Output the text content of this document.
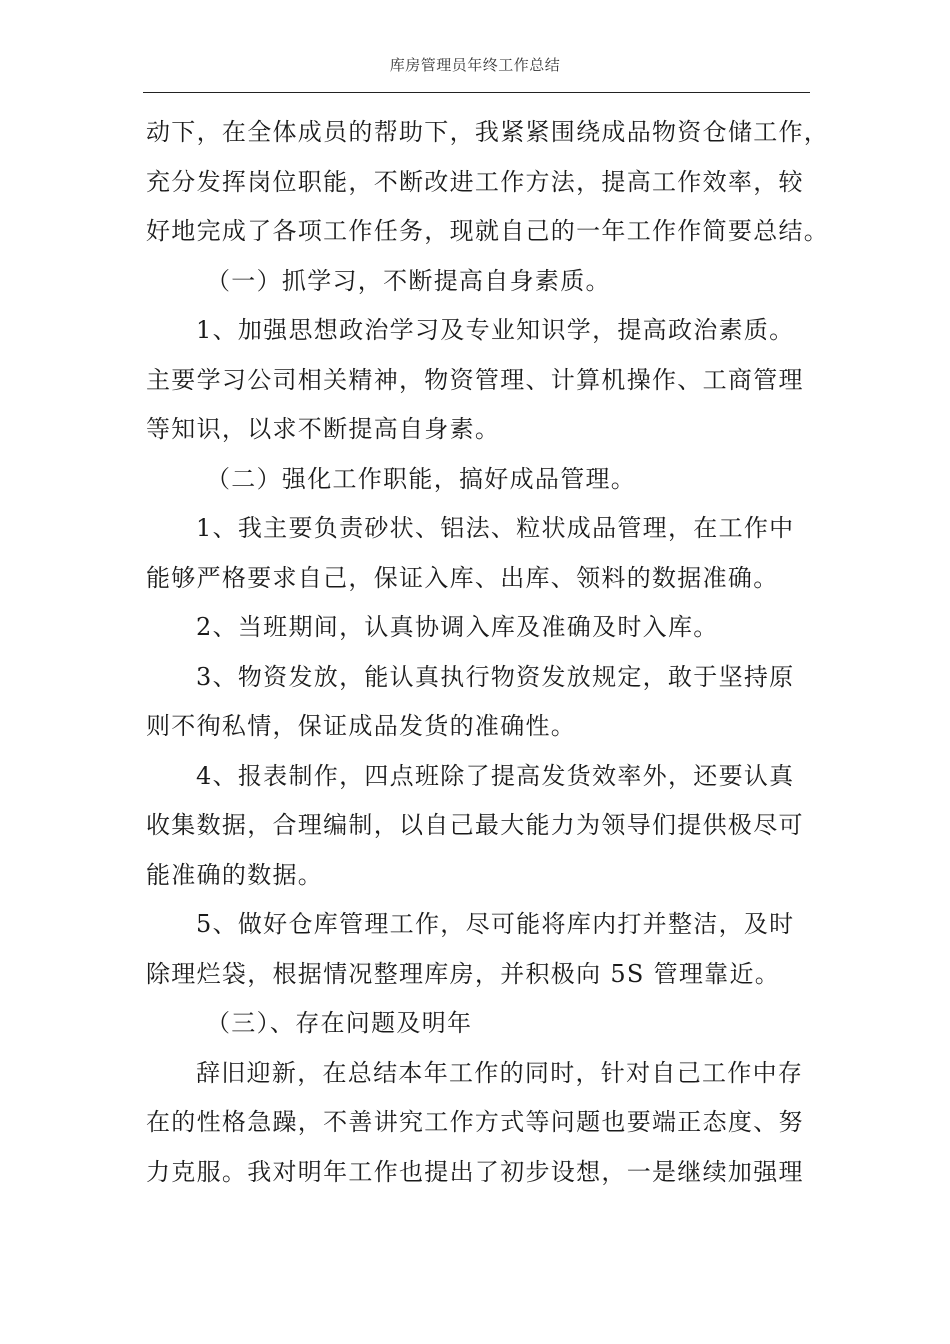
库房管理员年终工作总结
动下，在全体成员的帮助下，我紧紧围绕成品物资仓储工作，
充分发挥岗位职能，不断改进工作方法，提高工作效率，较
好地完成了各项工作任务，现就自己的一年工作作简要总结。
（一）抓学习，不断提高自身素质。
1、加强思想政治学习及专业知识学，提高政治素质。
主要学习公司相关精神，物资管理、计算机操作、工商管理
等知识，以求不断提高自身素。
（二）强化工作职能，搞好成品管理。
1、我主要负责砂状、铝法、粒状成品管理，在工作中
能够严格要求自己，保证入库、出库、领料的数据准确。
2、当班期间，认真协调入库及准确及时入库。
3、物资发放，能认真执行物资发放规定，敢于坚持原
则不徇私情，保证成品发货的准确性。
4、报表制作，四点班除了提高发货效率外，还要认真
收集数据，合理编制，以自己最大能力为领导们提供极尽可
能准确的数据。
5、做好仓库管理工作，尽可能将库内打并整洁，及时
除理烂袋，根据情况整理库房，并积极向 5S 管理靠近。
（三）、存在问题及明年
辞旧迎新，在总结本年工作的同时，针对自己工作中存
在的性格急躁，不善讲究工作方式等问题也要端正态度、努
力克服。我对明年工作也提出了初步设想，一是继续加强理
